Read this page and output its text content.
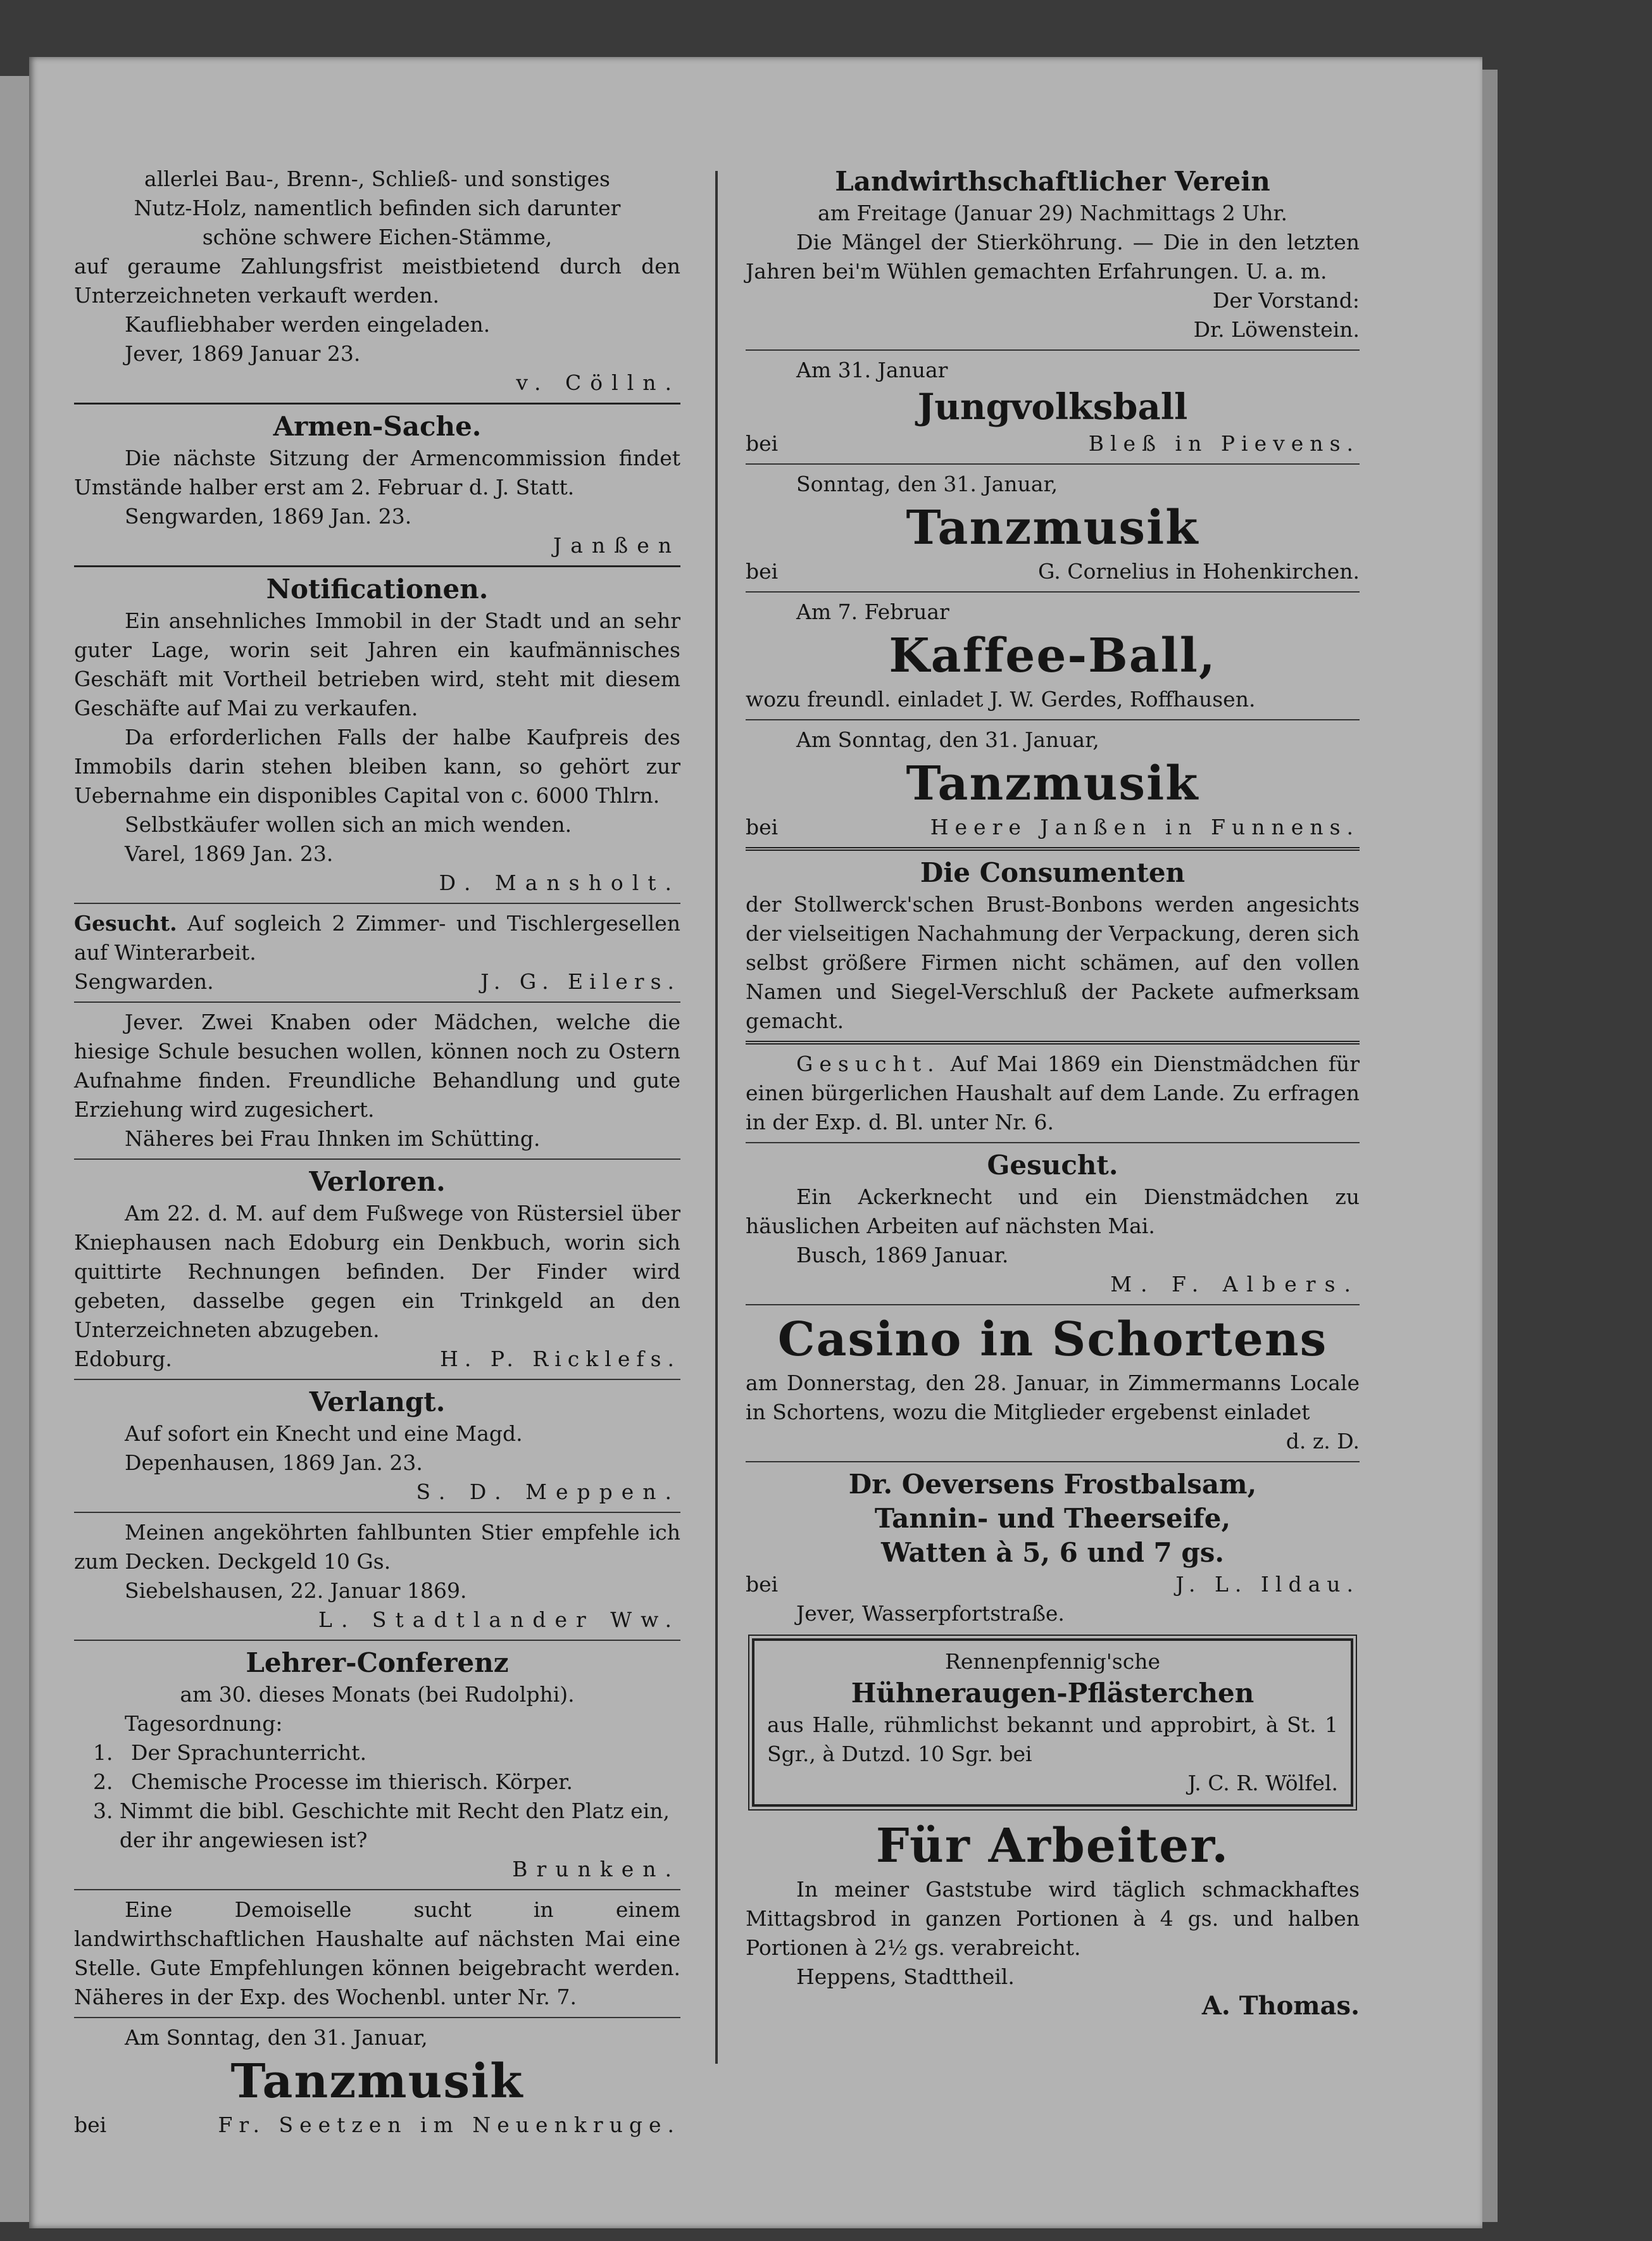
allerlei Bau-, Brenn-, Schließ- und sonstiges

Nutz-Holz, namentlich befinden sich darunter

schöne schwere Eichen-Stämme,

auf geraume Zahlungsfrist meistbietend durch den Unterzeichneten verkauft werden.

Kaufliebhaber werden eingeladen.

Jever, 1869 Januar 23.

v. Cölln.

Armen-Sache.

Die nächste Sitzung der Armencommission findet Umstände halber erst am 2. Februar d. J. Statt.

Sengwarden, 1869 Jan. 23.

Janßen

Notificationen.

Ein ansehnliches Immobil in der Stadt und an sehr guter Lage, worin seit Jahren ein kaufmännisches Geschäft mit Vortheil betrieben wird, steht mit diesem Geschäfte auf Mai zu verkaufen.

Da erforderlichen Falls der halbe Kaufpreis des Immobils darin stehen bleiben kann, so gehört zur Uebernahme ein disponibles Capital von c. 6000 Thlrn.

Selbstkäufer wollen sich an mich wenden.

Varel, 1869 Jan. 23.

D. Mansholt.

Gesucht. Auf sogleich 2 Zimmer- und Tischlergesellen auf Winterarbeit.

Sengwarden.	J. G. Eilers.

Jever. Zwei Knaben oder Mädchen, welche die hiesige Schule besuchen wollen, können noch zu Ostern Aufnahme finden. Freundliche Behandlung und gute Erziehung wird zugesichert.

Näheres bei Frau Ihnken im Schütting.

Verloren.

Am 22. d. M. auf dem Fußwege von Rüstersiel über Kniephausen nach Edoburg ein Denkbuch, worin sich quittirte Rechnungen befinden. Der Finder wird gebeten, dasselbe gegen ein Trinkgeld an den Unterzeichneten abzugeben.

Edoburg.	H. P. Ricklefs.

Verlangt.

Auf sofort ein Knecht und eine Magd.

Depenhausen, 1869 Jan. 23.

S. D. Meppen.

Meinen angeköhrten fahlbunten Stier empfehle ich zum Decken. Deckgeld 10 Gs.

Siebelshausen, 22. Januar 1869.

L. Stadtlander Ww.

Lehrer-Conferenz

am 30. dieses Monats (bei Rudolphi).

Tagesordnung:

1. Der Sprachunterricht.
2. Chemische Processe im thierisch. Körper.
3. Nimmt die bibl. Geschichte mit Recht den Platz ein, der ihr angewiesen ist?

Brunken.

Eine Demoiselle sucht in einem landwirthschaftlichen Haushalte auf nächsten Mai eine Stelle. Gute Empfehlungen können beigebracht werden. Näheres in der Exp. des Wochenbl. unter Nr. 7.

Am Sonntag, den 31. Januar,

Tanzmusik

bei	Fr. Seetzen im Neuenkruge.

Landwirthschaftlicher Verein

am Freitage (Januar 29) Nachmittags 2 Uhr.

Die Mängel der Stierköhrung. — Die in den letzten Jahren bei'm Wühlen gemachten Erfahrungen. U. a. m.

Der Vorstand:

Dr. Löwenstein.

Am 31. Januar

Jungvolksball

bei	Bleß in Pievens.

Sonntag, den 31. Januar,

Tanzmusik

bei	G. Cornelius in Hohenkirchen.

Am 7. Februar

Kaffee-Ball,

wozu freundl. einladet J. W. Gerdes, Roffhausen.

Am Sonntag, den 31. Januar,

Tanzmusik

bei	Heere Janßen in Funnens.

Die Consumenten

der Stollwerck'schen Brust-Bonbons werden angesichts der vielseitigen Nachahmung der Verpackung, deren sich selbst größere Firmen nicht schämen, auf den vollen Namen und Siegel-Verschluß der Packete aufmerksam gemacht.

Gesucht. Auf Mai 1869 ein Dienstmädchen für einen bürgerlichen Haushalt auf dem Lande. Zu erfragen in der Exp. d. Bl. unter Nr. 6.

Gesucht.

Ein Ackerknecht und ein Dienstmädchen zu häuslichen Arbeiten auf nächsten Mai.

Busch, 1869 Januar.

M. F. Albers.

Casino in Schortens

am Donnerstag, den 28. Januar, in Zimmermanns Locale in Schortens, wozu die Mitglieder ergebenst einladet

d. z. D.

Dr. Oeversens Frostbalsam,

Tannin- und Theerseife,

Watten à 5, 6 und 7 gs.

bei	J. L. Ildau.

Jever, Wasserpfortstraße.

Rennenpfennig'sche

Hühneraugen-Pflästerchen

aus Halle, rühmlichst bekannt und approbirt, à St. 1 Sgr., à Dutzd. 10 Sgr. bei

J. C. R. Wölfel.

Für Arbeiter.

In meiner Gaststube wird täglich schmackhaftes Mittagsbrod in ganzen Portionen à 4 gs. und halben Portionen à 2½ gs. verabreicht.

Heppens, Stadttheil.

A. Thomas.
